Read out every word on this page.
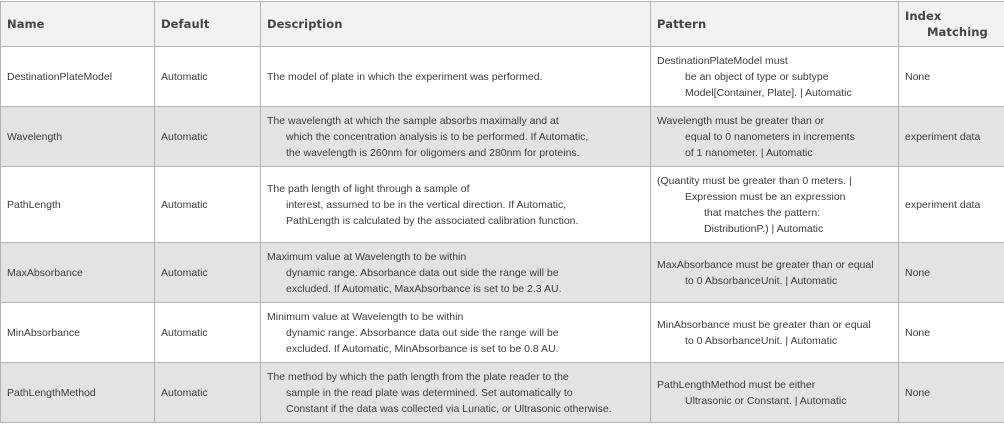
Name	Default	Description	Pattern	Index
Matching

DestinationPlateModel	Automatic	The model of plate in which the experiment was performed.	DestinationPlateModel must
be an object of type or subtype
Model[Container, Plate]. | Automatic	None
Wavelength	Automatic	The wavelength at which the sample absorbs maximally and at
which the concentration analysis is to be performed. If Automatic,
the wavelength is 260nm for oligomers and 280nm for proteins.	Wavelength must be greater than or
equal to 0 nanometers in increments
of 1 nanometer. | Automatic	experiment data
PathLength	Automatic	The path length of light through a sample of
interest, assumed to be in the vertical direction. If Automatic,
PathLength is calculated by the associated calibration function.	(Quantity must be greater than 0 meters. |
Expression must be an expression
that matches the pattern:
DistributionP.) | Automatic	experiment data
MaxAbsorbance	Automatic	Maximum value at Wavelength to be within
dynamic range. Absorbance data out side the range will be
excluded. If Automatic, MaxAbsorbance is set to be 2.3 AU.	MaxAbsorbance must be greater than or equal
to 0 AbsorbanceUnit. | Automatic	None
MinAbsorbance	Automatic	Minimum value at Wavelength to be within
dynamic range. Absorbance data out side the range will be
excluded. If Automatic, MinAbsorbance is set to be 0.8 AU.	MinAbsorbance must be greater than or equal
to 0 AbsorbanceUnit. | Automatic	None
PathLengthMethod	Automatic	The method by which the path length from the plate reader to the
sample in the read plate was determined. Set automatically to
Constant if the data was collected via Lunatic, or Ultrasonic otherwise.	PathLengthMethod must be either
Ultrasonic or Constant. | Automatic	None
